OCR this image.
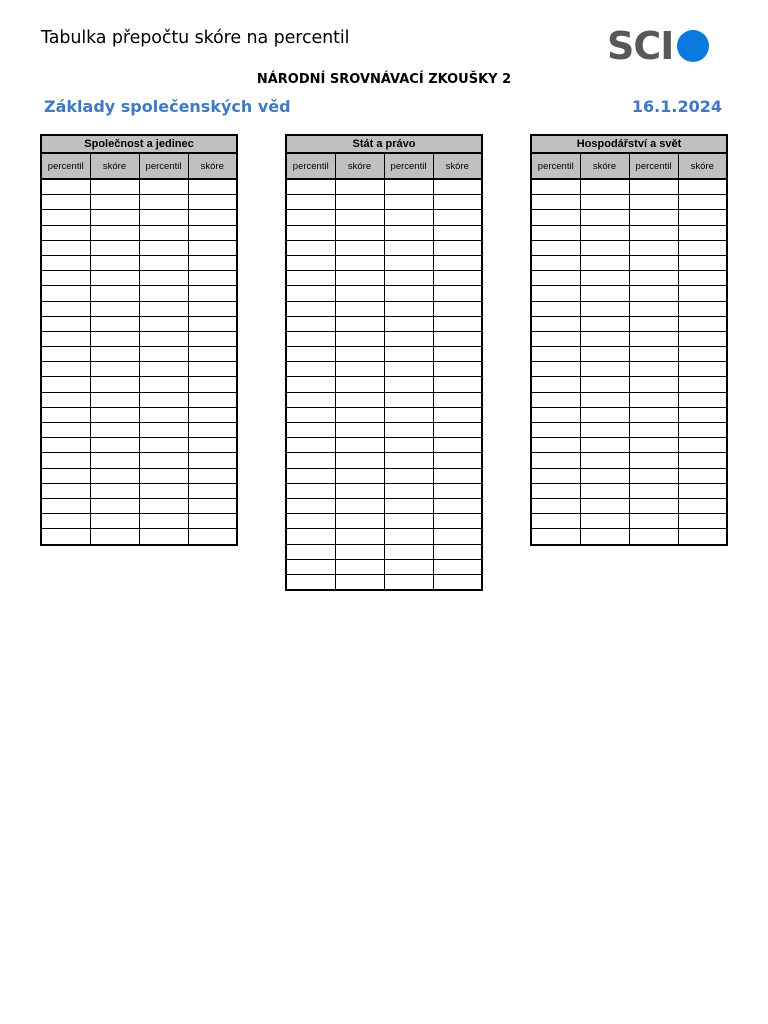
Tabulka přepočtu skóre na percentil	SCI
NÁRODNÍ SROVNÁVACÍ ZKOUŠKY 2
Základy společenských věd	16.1.2024
Společnost a jedinec			
percentil	skóre	percentil	skóre

Stát a právo			
percentil	skóre	percentil	skóre

Hospodářství a svět			
percentil	skóre	percentil	skóre
